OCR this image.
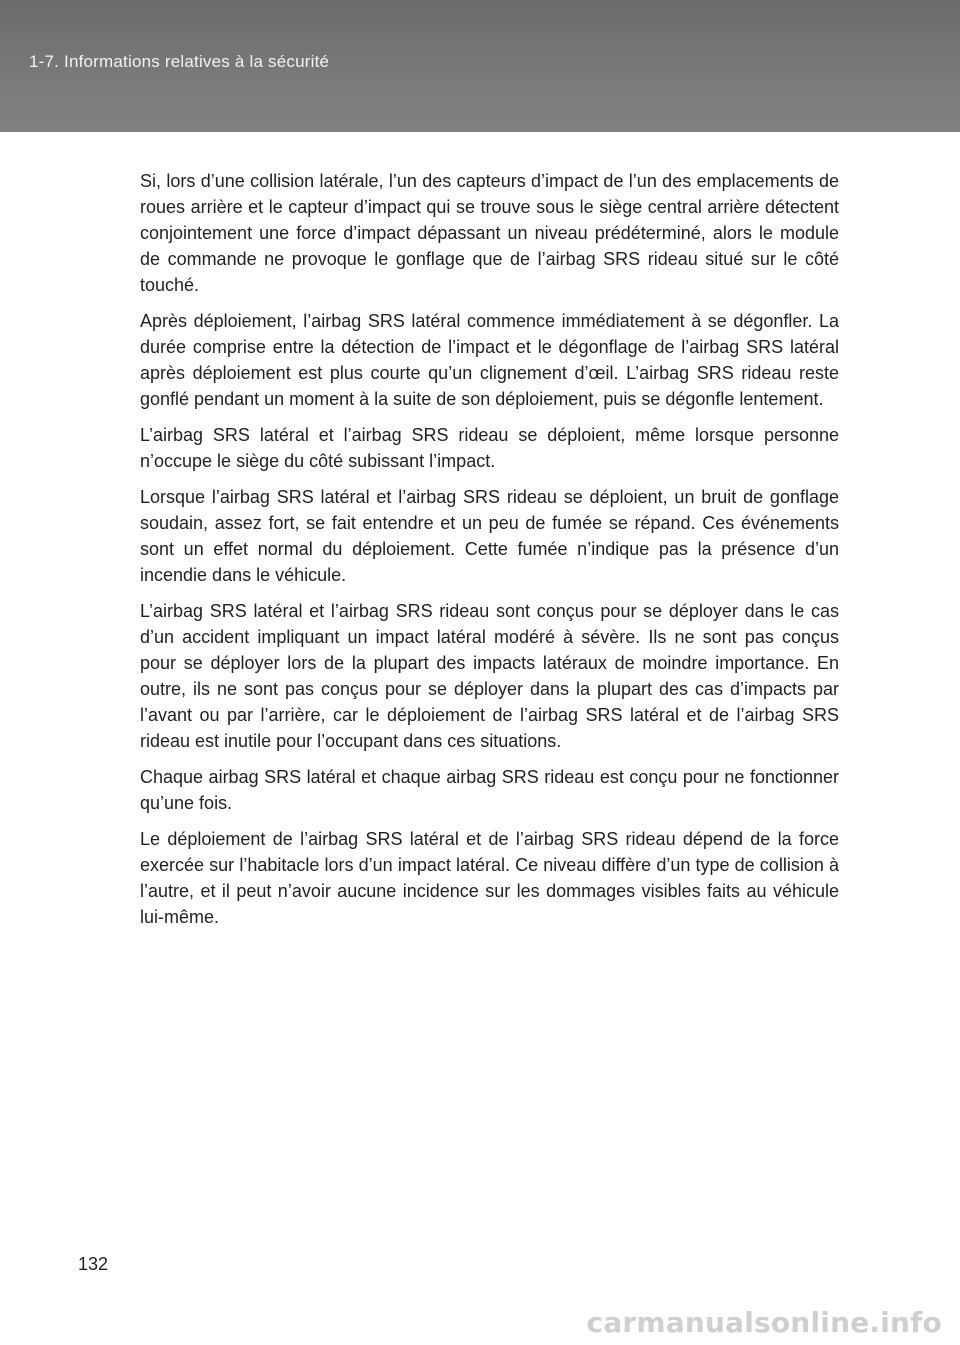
1-7. Informations relatives à la sécurité

Si, lors d’une collision latérale, l’un des capteurs d’impact de l’un des emplacements de roues arrière et le capteur d’impact qui se trouve sous le siège central arrière détectent conjointement une force d’impact dépassant un niveau prédéterminé, alors le module de commande ne provoque le gonflage que de l’airbag SRS rideau situé sur le côté touché.

Après déploiement, l’airbag SRS latéral commence immédiatement à se dégonfler. La durée comprise entre la détection de l’impact et le dégonflage de l’airbag SRS latéral après déploiement est plus courte qu’un clignement d’œil. L’airbag SRS rideau reste gonflé pendant un moment à la suite de son déploiement, puis se dégonfle lentement.

L’airbag SRS latéral et l’airbag SRS rideau se déploient, même lorsque personne n’occupe le siège du côté subissant l’impact.

Lorsque l’airbag SRS latéral et l’airbag SRS rideau se déploient, un bruit de gonflage soudain, assez fort, se fait entendre et un peu de fumée se répand. Ces événements sont un effet normal du déploiement. Cette fumée n’indique pas la présence d’un incendie dans le véhicule.

L’airbag SRS latéral et l’airbag SRS rideau sont conçus pour se déployer dans le cas d’un accident impliquant un impact latéral modéré à sévère. Ils ne sont pas conçus pour se déployer lors de la plupart des impacts latéraux de moindre importance. En outre, ils ne sont pas conçus pour se déployer dans la plupart des cas d’impacts par l’avant ou par l’arrière, car le déploiement de l’airbag SRS latéral et de l’airbag SRS rideau est inutile pour l’occupant dans ces situations.

Chaque airbag SRS latéral et chaque airbag SRS rideau est conçu pour ne fonctionner qu’une fois.

Le déploiement de l’airbag SRS latéral et de l’airbag SRS rideau dépend de la force exercée sur l’habitacle lors d’un impact latéral. Ce niveau diffère d’un type de collision à l’autre, et il peut n’avoir aucune incidence sur les dommages visibles faits au véhicule lui-même.

132
carmanualsonline.info
